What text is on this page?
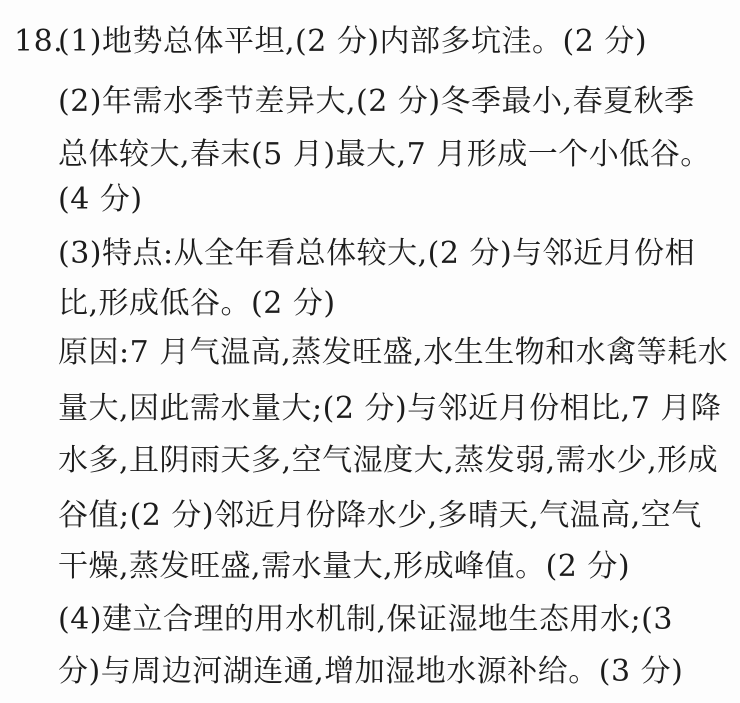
18.
(1)地势总体平坦,(2 分)内部多坑洼。(2 分)
(2)年需水季节差异大,(2 分)冬季最小,春夏秋季
总体较大,春末(5 月)最大,7 月形成一个小低谷。
(4 分)
(3)特点:从全年看总体较大,(2 分)与邻近月份相
比,形成低谷。(2 分)
原因:7 月气温高,蒸发旺盛,水生生物和水禽等耗水
量大,因此需水量大;(2 分)与邻近月份相比,7 月降
水多,且阴雨天多,空气湿度大,蒸发弱,需水少,形成
谷值;(2 分)邻近月份降水少,多晴天,气温高,空气
干燥,蒸发旺盛,需水量大,形成峰值。(2 分)
(4)建立合理的用水机制,保证湿地生态用水;(3
分)与周边河湖连通,增加湿地水源补给。(3 分)
